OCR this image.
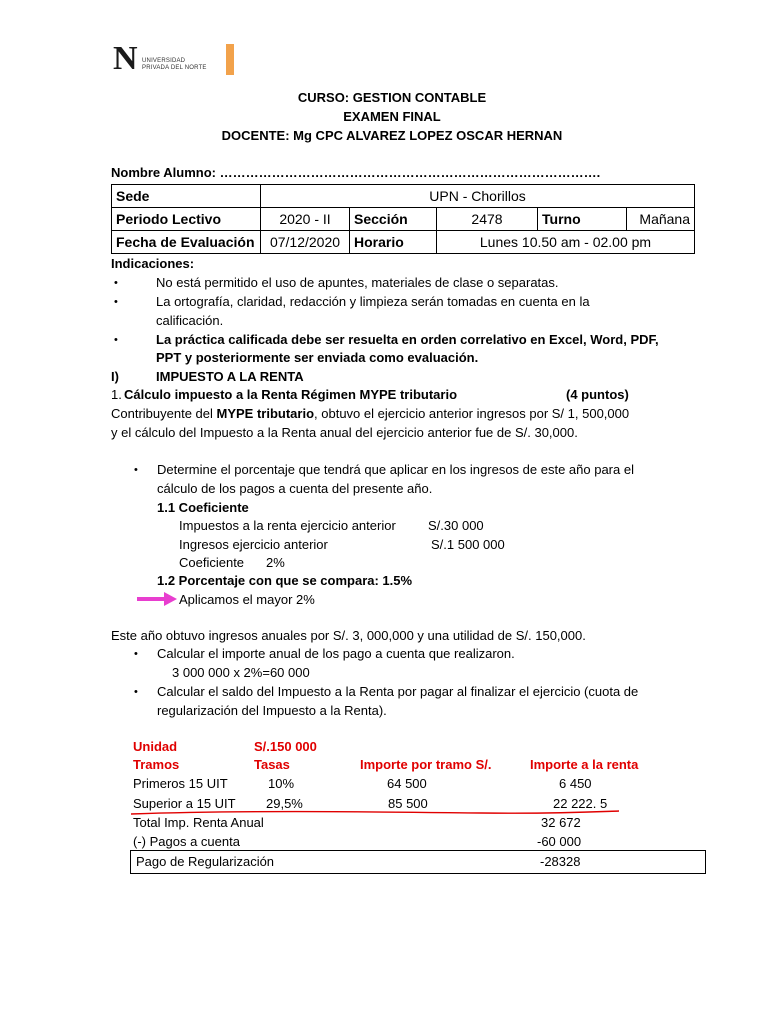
N UNIVERSIDAD
PRIVADA DEL NORTE
CURSO: GESTION CONTABLE
EXAMEN FINAL
DOCENTE: Mg CPC ALVAREZ LOPEZ OSCAR HERNAN
Nombre Alumno: …………………………………………………………………………….
Sede	UPN - Chorillos				
Periodo Lectivo	2020 - II	Sección	2478	Turno	Mañana
Fecha de Evaluación	07/12/2020	Horario	Lunes 10.50 am - 02.00 pm		
Indicaciones:
•	No está permitido el uso de apuntes, materiales de clase o separatas.
•	La ortografía, claridad, redacción y limpieza serán tomadas en cuenta en la
calificación.
•	La práctica calificada debe ser resuelta en orden correlativo en Excel, Word, PDF,
PPT y posteriormente ser enviada como evaluación.
I)	IMPUESTO A LA RENTA
1. Cálculo impuesto a la Renta Régimen MYPE tributario	(4 puntos)
Contribuyente del MYPE tributario, obtuvo el ejercicio anterior ingresos por S/ 1, 500,000
y el cálculo del Impuesto a la Renta anual del ejercicio anterior fue de S/. 30,000.
• Determine el porcentaje que tendrá que aplicar en los ingresos de este año para el
cálculo de los pagos a cuenta del presente año.
1.1 Coeficiente
Impuestos a la renta ejercicio anterior S/.30 000
Ingresos ejercicio anterior	S/.1 500 000
Coeficiente 2%
1.2 Porcentaje con que se compara: 1.5%
Aplicamos el mayor 2%
Este año obtuvo ingresos anuales por S/. 3, 000,000 y una utilidad de S/. 150,000.
• Calcular el importe anual de los pago a cuenta que realizaron.
3 000 000 x 2%=60 000
• Calcular el saldo del Impuesto a la Renta por pagar al finalizar el ejercicio (cuota de
regularización del Impuesto a la Renta).
Unidad	S/.150 000
Tramos	Tasas	Importe por tramo S/.	Importe a la renta
Primeros 15 UIT	10%	64 500	6 450
Superior a 15 UIT 29,5%	85 500	22 222. 5
Total Imp. Renta Anual	32 672
(-) Pagos a cuenta	-60 000
Pago de Regularización	-28328
